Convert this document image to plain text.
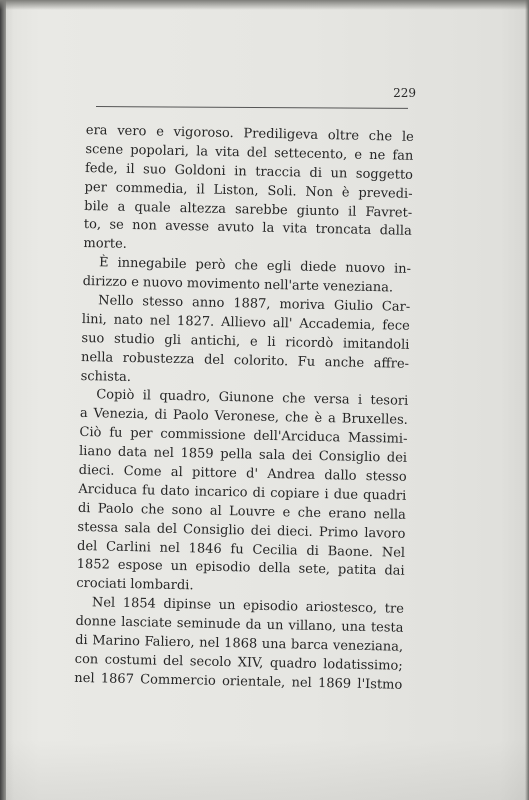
229
era vero e vigoroso. Prediligeva oltre che le
scene popolari, la vita del settecento, e ne fan
fede, il suo Goldoni in traccia di un soggetto
per commedia, il Liston, Soli. Non è prevedi-
bile a quale altezza sarebbe giunto il Favret-
to, se non avesse avuto la vita troncata dalla
morte.
È innegabile però che egli diede nuovo in-
dirizzo e nuovo movimento nell'arte veneziana.
Nello stesso anno 1887, moriva Giulio Car-
lini, nato nel 1827. Allievo all' Accademia, fece
suo studio gli antichi, e li ricordò imitandoli
nella robustezza del colorito. Fu anche affre-
schista.
Copiò il quadro, Giunone che versa i tesori
a Venezia, di Paolo Veronese, che è a Bruxelles.
Ciò fu per commissione dell'Arciduca Massimi-
liano data nel 1859 pella sala dei Consiglio dei
dieci. Come al pittore d' Andrea dallo stesso
Arciduca fu dato incarico di copiare i due quadri
di Paolo che sono al Louvre e che erano nella
stessa sala del Consiglio dei dieci. Primo lavoro
del Carlini nel 1846 fu Cecilia di Baone. Nel
1852 espose un episodio della sete, patita dai
crociati lombardi.
Nel 1854 dipinse un episodio ariostesco, tre
donne lasciate seminude da un villano, una testa
di Marino Faliero, nel 1868 una barca veneziana,
con costumi del secolo XIV, quadro lodatissimo;
nel 1867 Commercio orientale, nel 1869 l'Istmo
